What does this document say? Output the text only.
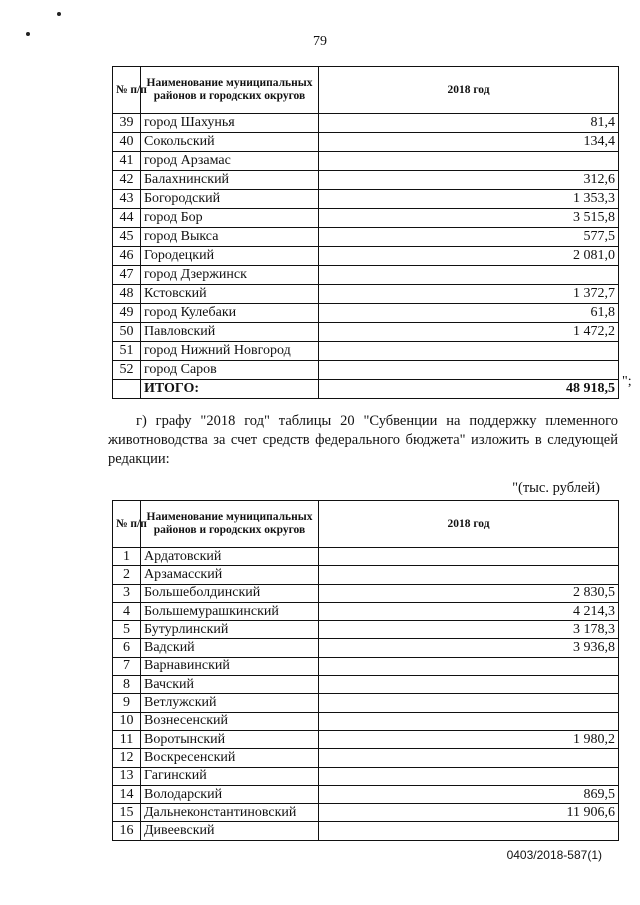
79
№ п/п	Наименование муниципальных районов и городских округов	2018 год
39	город Шахунья	81,4
40	Сокольский	134,4
41	город Арзамас	
42	Балахнинский	312,6
43	Богородский	1 353,3
44	город Бор	3 515,8
45	город Выкса	577,5
46	Городецкий	2 081,0
47	город Дзержинск	
48	Кстовский	1 372,7
49	город Кулебаки	61,8
50	Павловский	1 472,2
51	город Нижний Новгород	
52	город Саров	
	ИТОГО:	48 918,5 ";
г) графу "2018 год" таблицы 20 "Субвенции на поддержку племенного животноводства за счет средств федерального бюджета" изложить в следующей редакции:
"(тыс. рублей)
№ п/п	Наименование муниципальных районов и городских округов	2018 год
1	Ардатовский	
2	Арзамасский	
3	Большеболдинский	2 830,5
4	Большемурашкинский	4 214,3
5	Бутурлинский	3 178,3
6	Вадский	3 936,8
7	Варнавинский	
8	Вачский	
9	Ветлужский	
10	Вознесенский	
11	Воротынский	1 980,2
12	Воскресенский	
13	Гагинский	
14	Володарский	869,5
15	Дальнеконстантиновский	11 906,6
16	Дивеевский	
0403/2018-587(1)
